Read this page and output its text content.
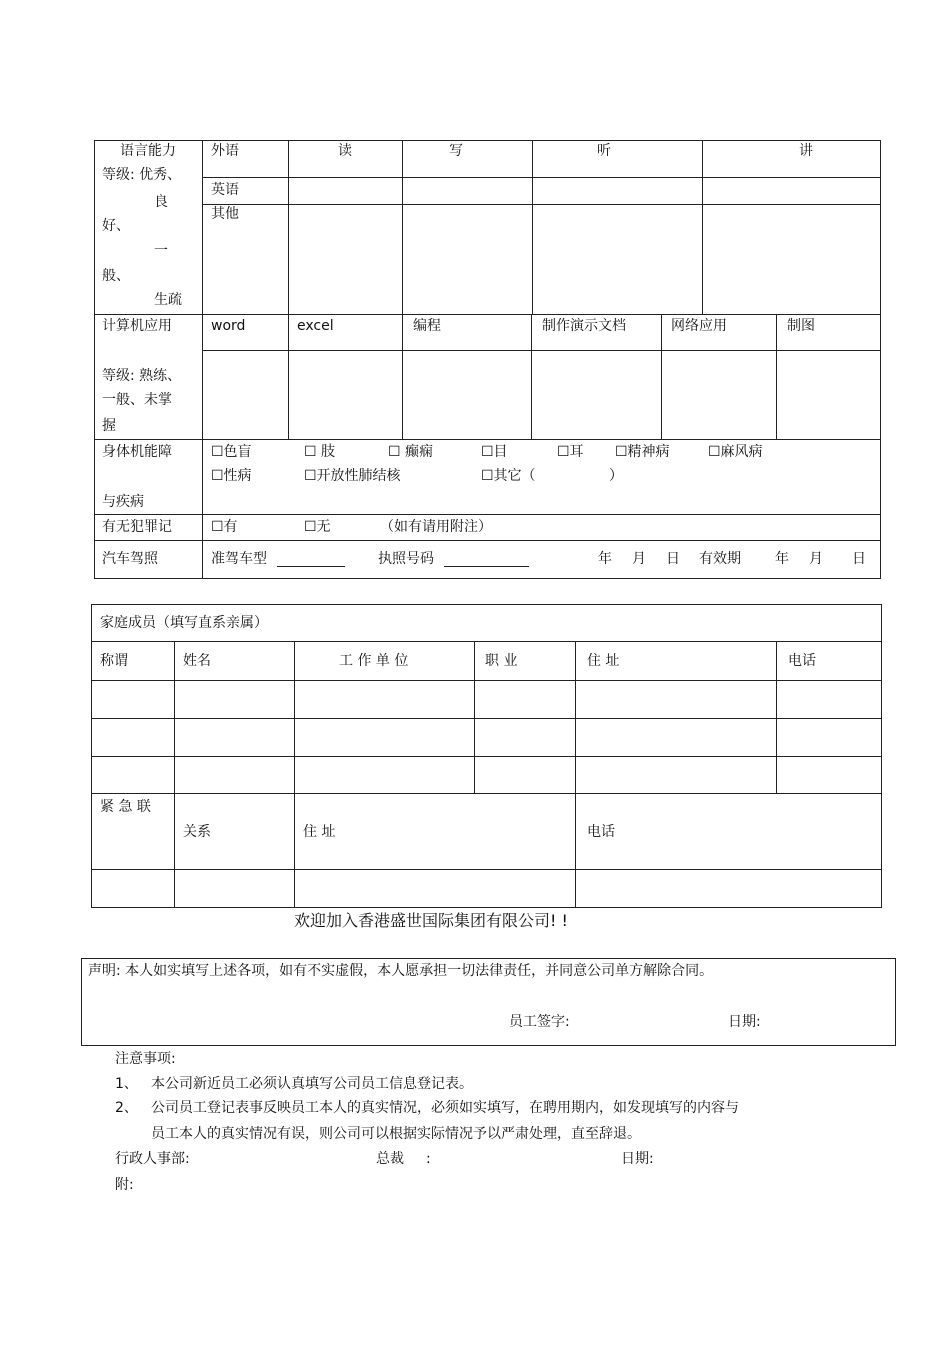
语言能力
等级: 优秀、
良
好、
一
般、
生疏
外语	读	写	听	讲
英语
其他
计算机应用
等级: 熟练、
一般、未掌
握
word	excel	编程	制作演示文档	网络应用	制图
身体机能障
与疾病
☐色盲	☐ 肢	☐ 癫痫	☐目	☐耳 ☐精神病	☐麻风病
☐性病	☐开放性肺结核	☐其它（	）
有无犯罪记	☐有	☐无	（如有请用附注）
汽车驾照	准驾车型	执照号码	年 月 日 有效期 年 月 日
家庭成员（填写直系亲属）
称谓	姓名	工 作 单 位	职 业	住 址	电话
紧 急 联
关系	住 址	电话
欢迎加入香港盛世国际集团有限公司! !
声明: 本人如实填写上述各项，如有不实虚假，本人愿承担一切法律责任，并同意公司单方解除合同。
员工签字:	日期:
注意事项:
1、 本公司新近员工必须认真填写公司员工信息登记表。
2、 公司员工登记表事反映员工本人的真实情况，必须如实填写，在聘用期内，如发现填写的内容与
员工本人的真实情况有误，则公司可以根据实际情况予以严肃处理，直至辞退。
行政人事部:	总裁 :	日期:
附:
